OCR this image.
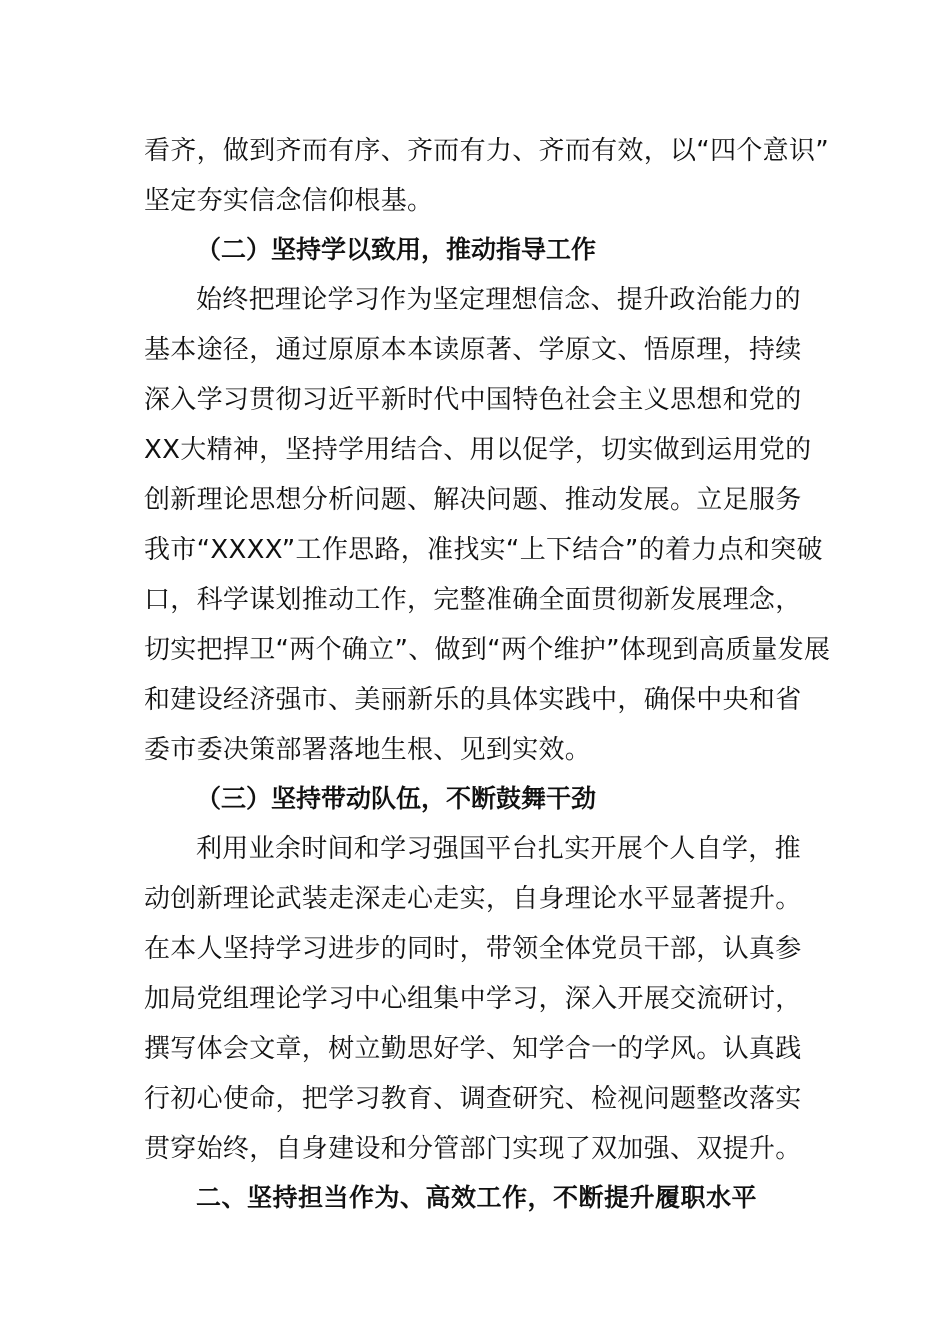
看齐，做到齐而有序、齐而有力、齐而有效，以“四个意识”
坚定夯实信念信仰根基。
（二）坚持学以致用，推动指导工作
始终把理论学习作为坚定理想信念、提升政治能力的
基本途径，通过原原本本读原著、学原文、悟原理，持续
深入学习贯彻习近平新时代中国特色社会主义思想和党的
XX大精神，坚持学用结合、用以促学，切实做到运用党的
创新理论思想分析问题、解决问题、推动发展。立足服务
我市“XXXX”工作思路，准找实“上下结合”的着力点和突破
口，科学谋划推动工作，完整准确全面贯彻新发展理念，
切实把捍卫“两个确立”、做到“两个维护”体现到高质量发展
和建设经济强市、美丽新乐的具体实践中，确保中央和省
委市委决策部署落地生根、见到实效。
（三）坚持带动队伍，不断鼓舞干劲
利用业余时间和学习强国平台扎实开展个人自学，推
动创新理论武装走深走心走实，自身理论水平显著提升。
在本人坚持学习进步的同时，带领全体党员干部，认真参
加局党组理论学习中心组集中学习，深入开展交流研讨，
撰写体会文章，树立勤思好学、知学合一的学风。认真践
行初心使命，把学习教育、调查研究、检视问题整改落实
贯穿始终，自身建设和分管部门实现了双加强、双提升。
二、坚持担当作为、高效工作，不断提升履职水平
